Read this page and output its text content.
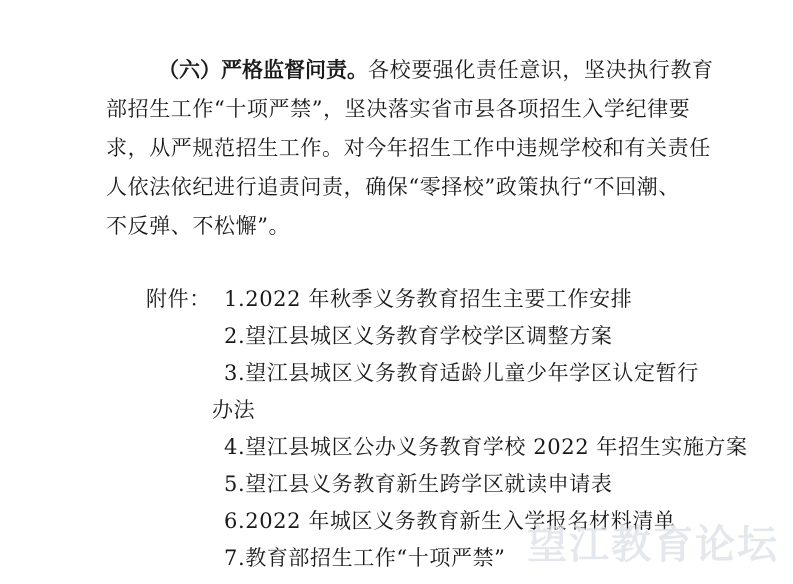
（六）严格监督问责。各校要强化责任意识，坚决执行教育
部招生工作“十项严禁”，坚决落实省市县各项招生入学纪律要
求，从严规范招生工作。对今年招生工作中违规学校和有关责任
人依法依纪进行追责问责，确保“零择校”政策执行“不回潮、
不反弹、不松懈”。
附件： 1.2022 年秋季义务教育招生主要工作安排
2.望江县城区义务教育学校学区调整方案
3.望江县城区义务教育适龄儿童少年学区认定暂行
办法
4.望江县城区公办义务教育学校 2022 年招生实施方案
5.望江县义务教育新生跨学区就读申请表
6.2022 年城区义务教育新生入学报名材料清单
7.教育部招生工作“十项严禁” 望江教育论坛
